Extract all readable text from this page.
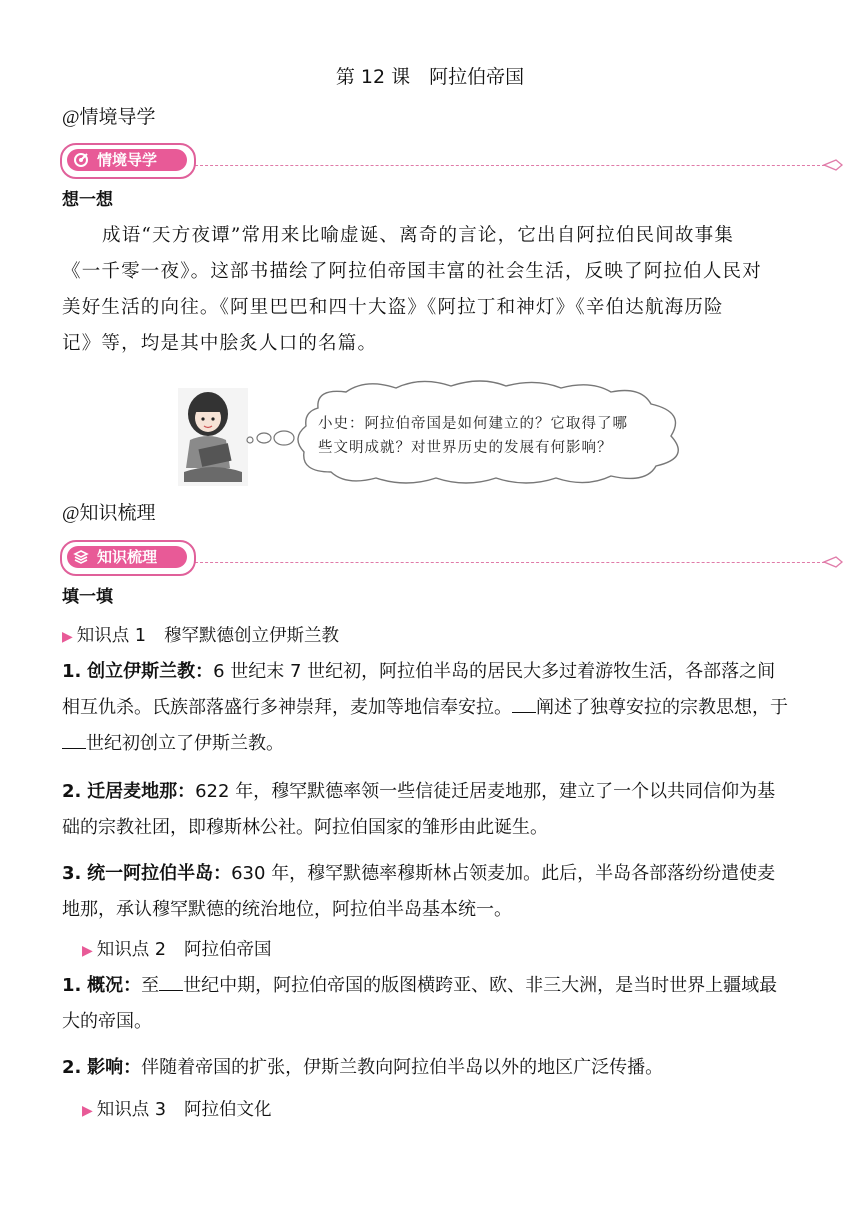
第 12 课　阿拉伯帝国
@情境导学
情境导学
想一想
成语“天方夜谭”常用来比喻虚诞、离奇的言论，它出自阿拉伯民间故事集
《一千零一夜》。这部书描绘了阿拉伯帝国丰富的社会生活，反映了阿拉伯人民对
美好生活的向往。《阿里巴巴和四十大盗》《阿拉丁和神灯》《辛伯达航海历险
记》等，均是其中脍炙人口的名篇。
小史：阿拉伯帝国是如何建立的？它取得了哪
些文明成就？对世界历史的发展有何影响？
@知识梳理
知识梳理
填一填
▶ 知识点 1 穆罕默德创立伊斯兰教
1. 创立伊斯兰教：6 世纪末 7 世纪初，阿拉伯半岛的居民大多过着游牧生活，各部落之间相互仇杀。氏族部落盛行多神崇拜，麦加等地信奉安拉。 阐述了独尊安拉的宗教思想，于世纪初创立了伊斯兰教。
2. 迁居麦地那：622 年，穆罕默德率领一些信徒迁居麦地那，建立了一个以共同信仰为基础的宗教社团，即穆斯林公社。阿拉伯国家的雏形由此诞生。
3. 统一阿拉伯半岛：630 年，穆罕默德率穆斯林占领麦加。此后，半岛各部落纷纷遣使麦地那，承认穆罕默德的统治地位，阿拉伯半岛基本统一。
▶ 知识点 2 阿拉伯帝国
1. 概况：至 世纪中期，阿拉伯帝国的版图横跨亚、欧、非三大洲，是当时世界上疆域最大的帝国。
2. 影响：伴随着帝国的扩张，伊斯兰教向阿拉伯半岛以外的地区广泛传播。
▶ 知识点 3 阿拉伯文化
